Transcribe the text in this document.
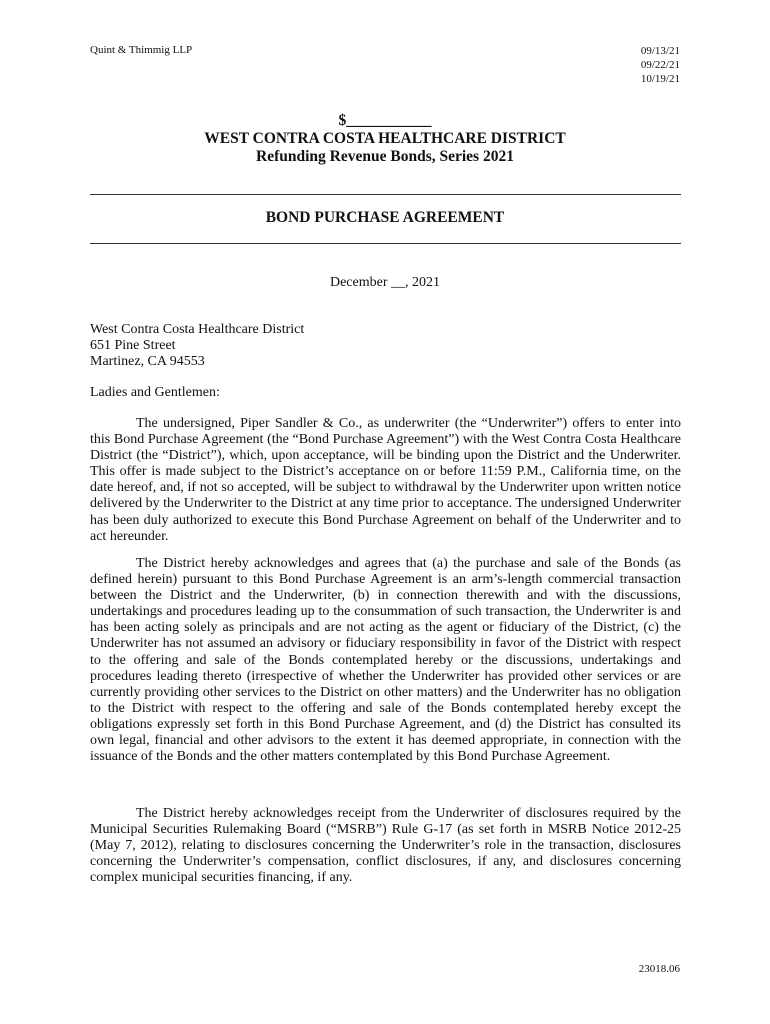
Quint & Thimmig LLP	09/13/21
09/22/21
10/19/21
$___________
WEST CONTRA COSTA HEALTHCARE DISTRICT
Refunding Revenue Bonds, Series 2021
BOND PURCHASE AGREEMENT
December __, 2021
West Contra Costa Healthcare District
651 Pine Street
Martinez, CA 94553
Ladies and Gentlemen:

The undersigned, Piper Sandler & Co., as underwriter (the “Underwriter”) offers to enter into this Bond Purchase Agreement (the “Bond Purchase Agreement”) with the West Contra Costa Healthcare District (the “District”), which, upon acceptance, will be binding upon the District and the Underwriter. This offer is made subject to the District’s acceptance on or before 11:59 P.M., California time, on the date hereof, and, if not so accepted, will be subject to withdrawal by the Underwriter upon written notice delivered by the Underwriter to the District at any time prior to acceptance. The undersigned Underwriter has been duly authorized to execute this Bond Purchase Agreement on behalf of the Underwriter and to act hereunder.

The District hereby acknowledges and agrees that (a) the purchase and sale of the Bonds (as defined herein) pursuant to this Bond Purchase Agreement is an arm’s-length commercial transaction between the District and the Underwriter, (b) in connection therewith and with the discussions, undertakings and procedures leading up to the consummation of such transaction, the Underwriter is and has been acting solely as principals and are not acting as the agent or fiduciary of the District, (c) the Underwriter has not assumed an advisory or fiduciary responsibility in favor of the District with respect to the offering and sale of the Bonds contemplated hereby or the discussions, undertakings and procedures leading thereto (irrespective of whether the Underwriter has provided other services or are currently providing other services to the District on other matters) and the Underwriter has no obligation to the District with respect to the offering and sale of the Bonds contemplated hereby except the obligations expressly set forth in this Bond Purchase Agreement, and (d) the District has consulted its own legal, financial and other advisors to the extent it has deemed appropriate, in connection with the issuance of the Bonds and the other matters contemplated by this Bond Purchase Agreement.

The District hereby acknowledges receipt from the Underwriter of disclosures required by the Municipal Securities Rulemaking Board (“MSRB”) Rule G-17 (as set forth in MSRB Notice 2012-25 (May 7, 2012), relating to disclosures concerning the Underwriter’s role in the transaction, disclosures concerning the Underwriter’s compensation, conflict disclosures, if any, and disclosures concerning complex municipal securities financing, if any.

23018.06
